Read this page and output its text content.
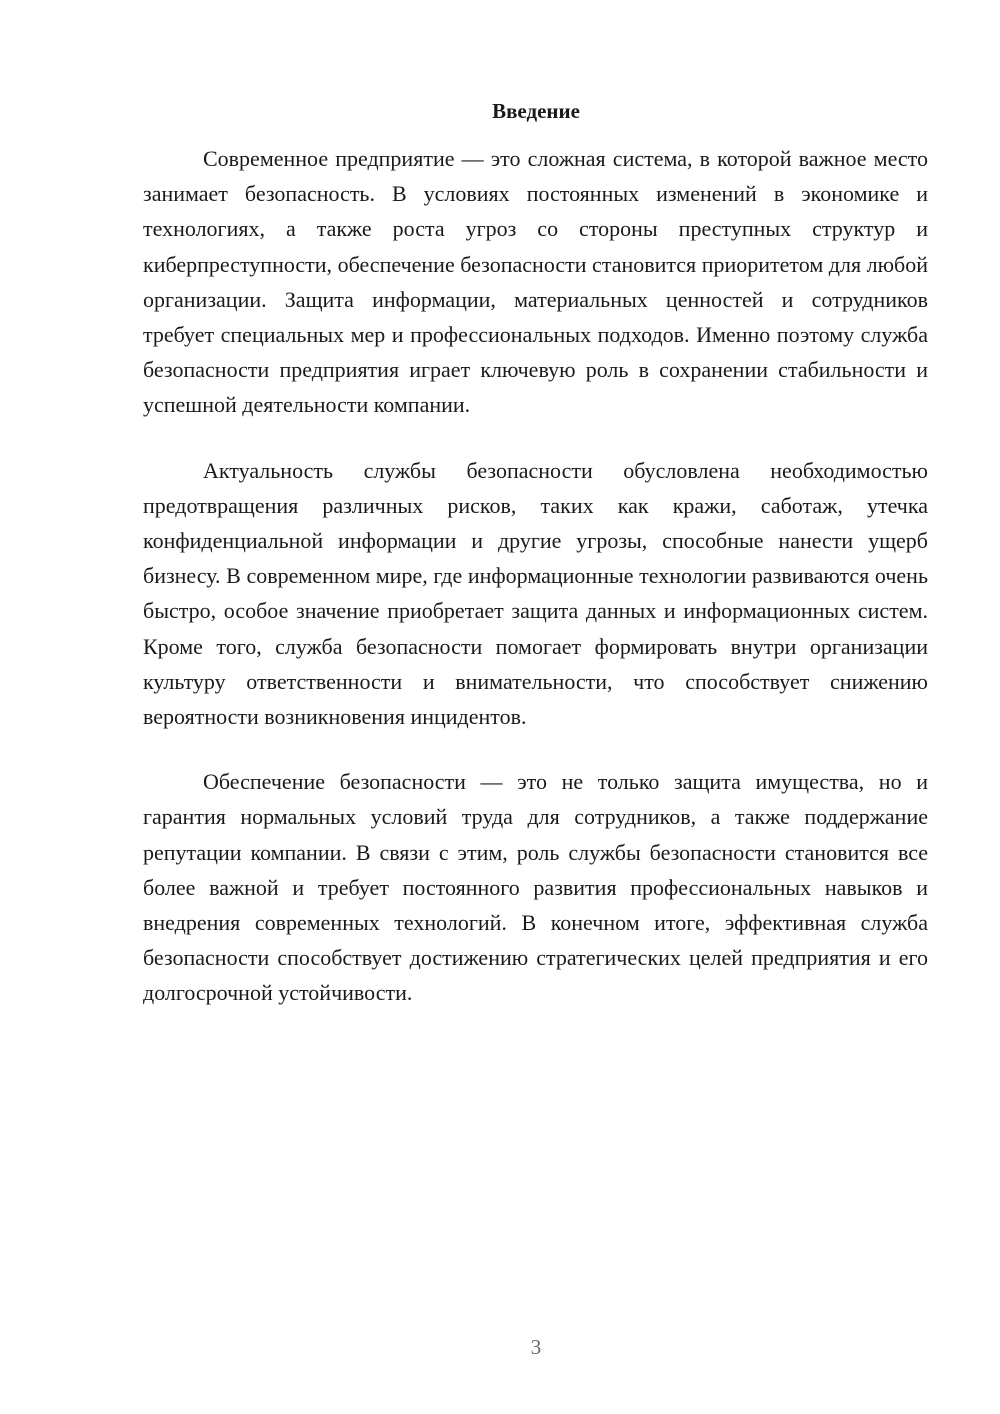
Введение

Современное предприятие — это сложная система, в которой важное место занимает безопасность. В условиях постоянных изменений в экономике и технологиях, а также роста угроз со стороны преступных структур и киберпреступности, обеспечение безопасности становится приоритетом для любой организации. Защита информации, материальных ценностей и сотрудников требует специальных мер и профессиональных подходов. Именно поэтому служба безопасности предприятия играет ключевую роль в сохранении стабильности и успешной деятельности компании.

Актуальность службы безопасности обусловлена необходимостью предотвращения различных рисков, таких как кражи, саботаж, утечка конфиденциальной информации и другие угрозы, способные нанести ущерб бизнесу. В современном мире, где информационные технологии развиваются очень быстро, особое значение приобретает защита данных и информационных систем. Кроме того, служба безопасности помогает формировать внутри организации культуру ответственности и внимательности, что способствует снижению вероятности возникновения инцидентов.

Обеспечение безопасности — это не только защита имущества, но и гарантия нормальных условий труда для сотрудников, а также поддержание репутации компании. В связи с этим, роль службы безопасности становится все более важной и требует постоянного развития профессиональных навыков и внедрения современных технологий. В конечном итоге, эффективная служба безопасности способствует достижению стратегических целей предприятия и его долгосрочной устойчивости.

3
